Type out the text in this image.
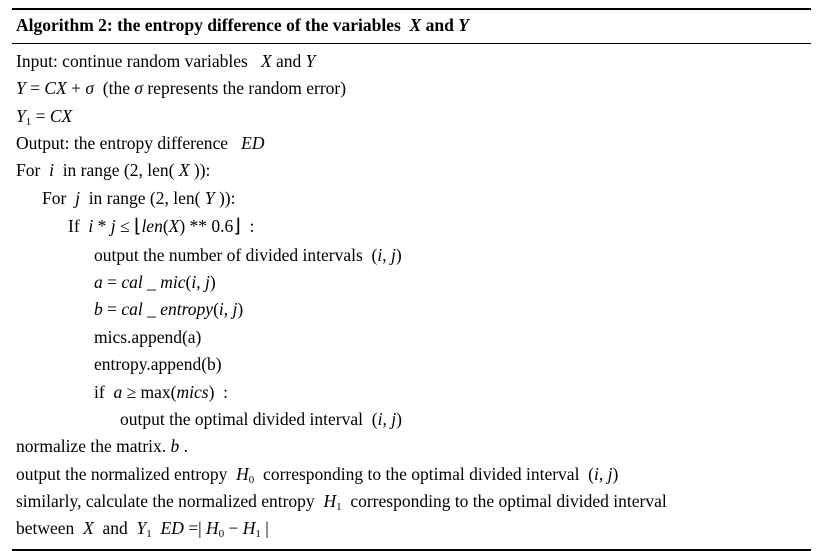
Algorithm 2: the entropy difference of the variables X and Y
Input: continue random variables   X and Y
Y = CX + σ  (the σ represents the random error)
$Y_1$ = CX
Output: the entropy difference   ED
For  i  in range (2, len( X )):
For  j  in range (2, len( Y )):
If  i * j ≤ ⌊len(X) ** 0.6⌋  :
output the number of divided intervals  (i, j)
a = cal _ mic(i, j)
b = cal _ entropy(i, j)
mics.append(a)
entropy.append(b)
if  a ≥ max(mics)  :
output the optimal divided interval  (i, j)
normalize the matrix. b .
output the normalized entropy  $H_0$  corresponding to the optimal divided interval  (i, j)
similarly, calculate the normalized entropy  $H_1$  corresponding to the optimal divided interval
between  X  and  $Y_1$ ED =| $H_0 - H_1$ |
